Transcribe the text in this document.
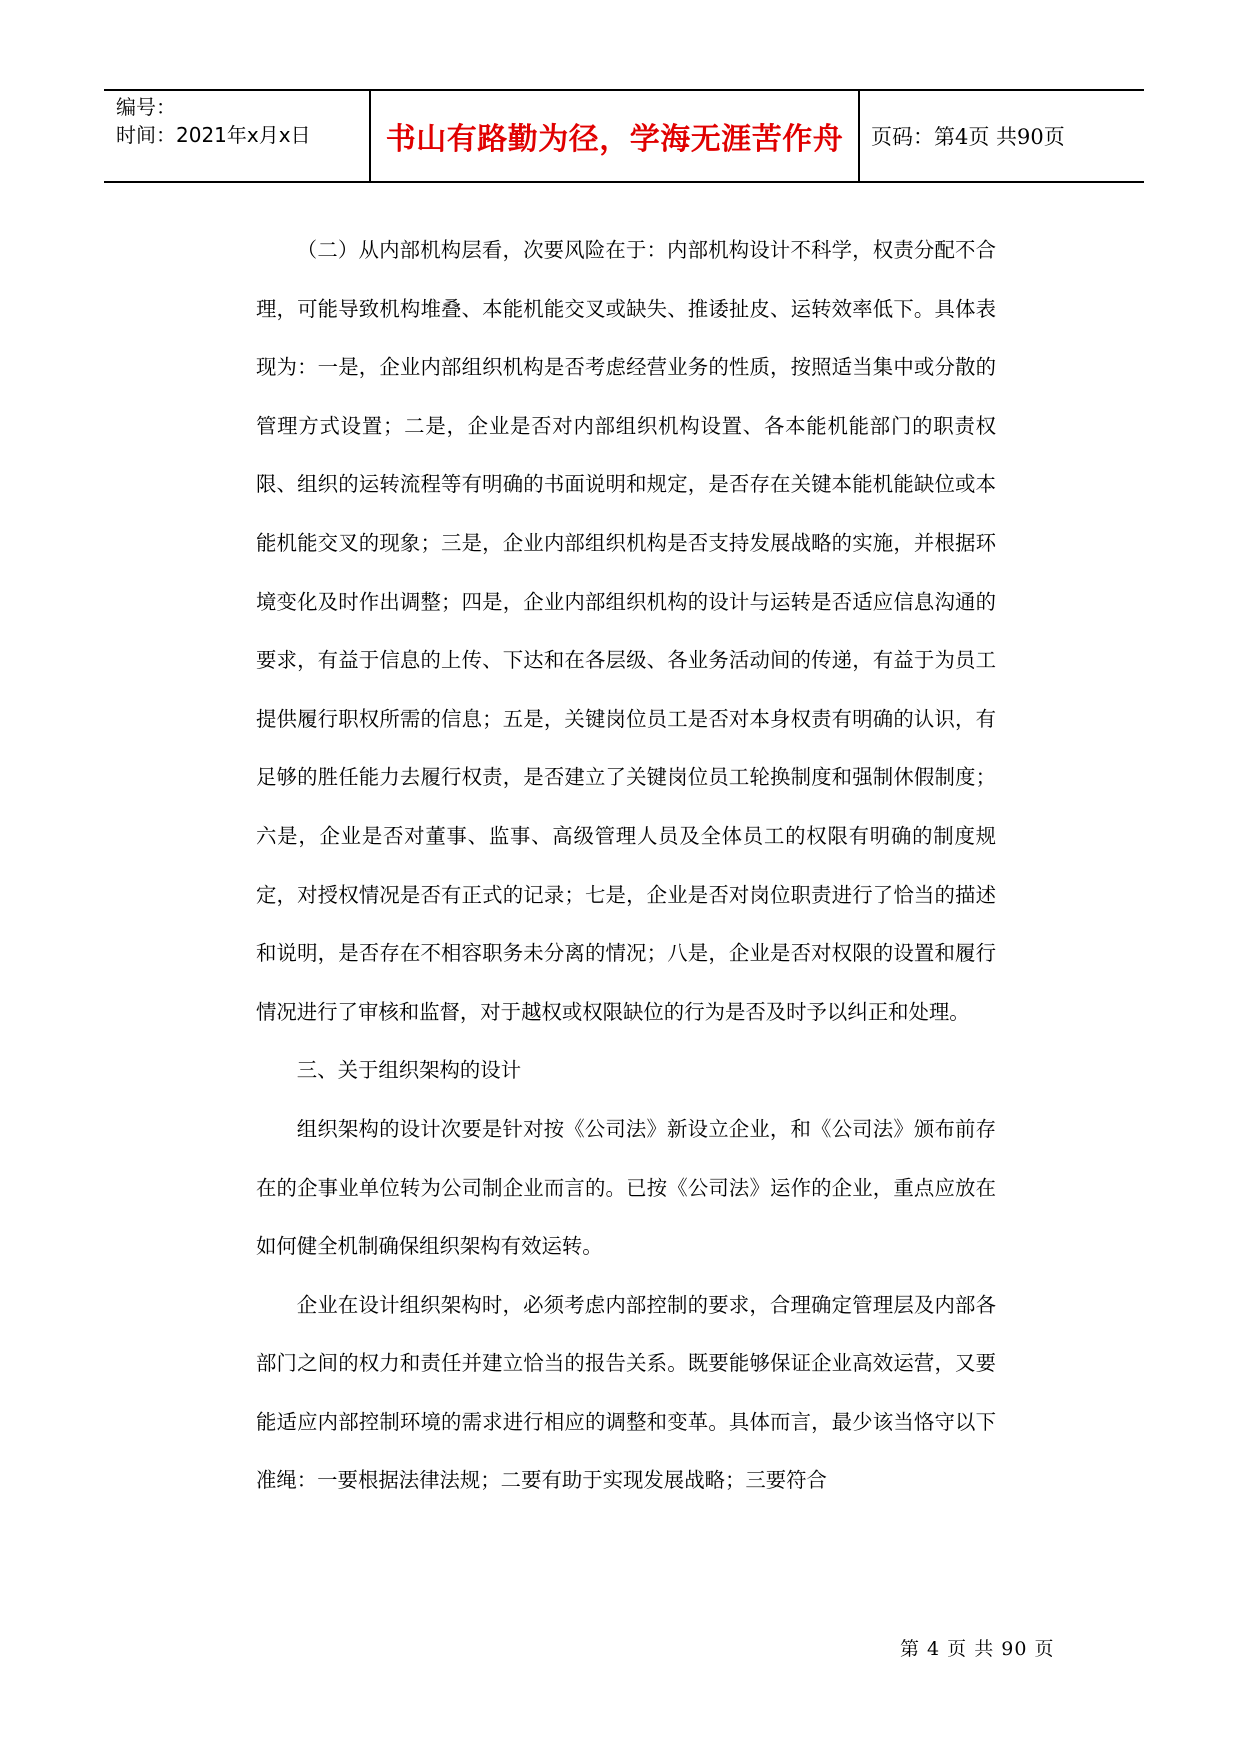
编号：
时间：2021年x月x日	书山有路勤为径，学海无涯苦作舟	页码：第4页 共90页

（二）从内部机构层看，次要风险在于：内部机构设计不科学，权责分配不合理，可能导致机构堆叠、本能机能交叉或缺失、推诿扯皮、运转效率低下。具体表现为：一是，企业内部组织机构是否考虑经营业务的性质，按照适当集中或分散的管理方式设置；二是，企业是否对内部组织机构设置、各本能机能部门的职责权限、组织的运转流程等有明确的书面说明和规定，是否存在关键本能机能缺位或本能机能交叉的现象；三是，企业内部组织机构是否支持发展战略的实施，并根据环境变化及时作出调整；四是，企业内部组织机构的设计与运转是否适应信息沟通的要求，有益于信息的上传、下达和在各层级、各业务活动间的传递，有益于为员工提供履行职权所需的信息；五是，关键岗位员工是否对本身权责有明确的认识，有足够的胜任能力去履行权责，是否建立了关键岗位员工轮换制度和强制休假制度；六是，企业是否对董事、监事、高级管理人员及全体员工的权限有明确的制度规定，对授权情况是否有正式的记录；七是，企业是否对岗位职责进行了恰当的描述和说明，是否存在不相容职务未分离的情况；八是，企业是否对权限的设置和履行情况进行了审核和监督，对于越权或权限缺位的行为是否及时予以纠正和处理。

三、关于组织架构的设计

组织架构的设计次要是针对按《公司法》新设立企业，和《公司法》颁布前存在的企事业单位转为公司制企业而言的。已按《公司法》运作的企业，重点应放在如何健全机制确保组织架构有效运转。

企业在设计组织架构时，必须考虑内部控制的要求，合理确定管理层及内部各部门之间的权力和责任并建立恰当的报告关系。既要能够保证企业高效运营，又要能适应内部控制环境的需求进行相应的调整和变革。具体而言，最少该当恪守以下准绳：一要根据法律法规；二要有助于实现发展战略；三要符合

第 4 页 共 90 页
